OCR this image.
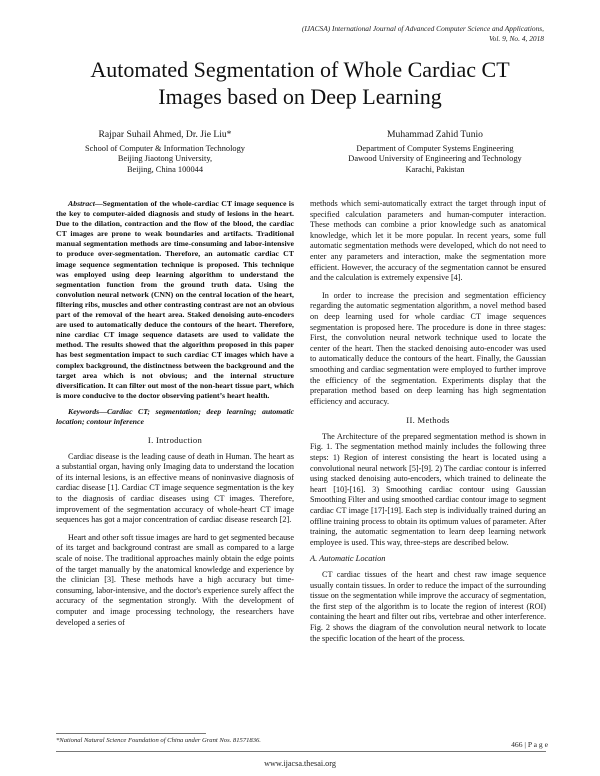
(IJACSA) International Journal of Advanced Computer Science and Applications,
Vol. 9, No. 4, 2018
Automated Segmentation of Whole Cardiac CT
Images based on Deep Learning
Rajpar Suhail Ahmed, Dr. Jie Liu*
School of Computer & Information Technology
Beijing Jiaotong University,
Beijing, China 100044
Muhammad Zahid Tunio
Department of Computer Systems Engineering
Dawood University of Engineering and Technology
Karachi, Pakistan

Abstract—Segmentation of the whole-cardiac CT image sequence is the key to computer-aided diagnosis and study of lesions in the heart. Due to the dilation, contraction and the flow of the blood, the cardiac CT images are prone to weak boundaries and artifacts. Traditional manual segmentation methods are time-consuming and labor-intensive to produce over-segmentation. Therefore, an automatic cardiac CT image sequence segmentation technique is proposed. This technique was employed using deep learning algorithm to understand the segmentation function from the ground truth data. Using the convolution neural network (CNN) on the central location of the heart, filtering ribs, muscles and other contrasting contrast are not an obvious part of the removal of the heart area. Staked denoising auto-encoders are used to automatically deduce the contours of the heart. Therefore, nine cardiac CT image sequence datasets are used to validate the method. The results showed that the algorithm proposed in this paper has best segmentation impact to such cardiac CT images which have a complex background, the distinctness between the background and the target area which is not obvious; and the internal structure diversification. It can filter out most of the non-heart tissue part, which is more conducive to the doctor observing patient’s heart health.

Keywords—Cardiac CT; segmentation; deep learning; automatic location; contour inference

I. Introduction

Cardiac disease is the leading cause of death in Human. The heart as a substantial organ, having only Imaging data to understand the location of its internal lesions, is an effective means of noninvasive diagnosis of cardiac disease [1]. Cardiac CT image sequence segmentation is the key to the diagnosis of cardiac diseases using CT images. Therefore, improvement of the segmentation accuracy of whole-heart CT image sequences has got a major concentration of cardiac disease research [2].

Heart and other soft tissue images are hard to get segmented because of its target and background contrast are small as compared to a large scale of noise. The traditional approaches mainly obtain the edge points of the target manually by the anatomical knowledge and experience by the clinician [3]. These methods have a high accuracy but time-consuming, labor-intensive, and the doctor's experience surely affect the accuracy of the segmentation strongly. With the development of computer and image processing technology, the researchers have developed a series of

methods which semi-automatically extract the target through input of specified calculation parameters and human-computer interaction. These methods can combine a prior knowledge such as anatomical knowledge, which let it be more popular. In recent years, some full automatic segmentation methods were developed, which do not need to enter any parameters and interaction, make the segmentation more efficient. However, the accuracy of the segmentation cannot be ensured and the calculation is extremely expensive [4].

In order to increase the precision and segmentation efficiency regarding the automatic segmentation algorithm, a novel method based on deep learning used for whole cardiac CT image sequences segmentation is proposed here. The procedure is done in three stages: First, the convolution neural network technique used to locate the center of the heart. Then the stacked denoising auto-encoder was used to automatically deduce the contours of the heart. Finally, the Gaussian smoothing and cardiac segmentation were employed to further improve the efficiency of the segmentation. Experiments display that the preparation method based on deep learning has high segmentation efficiency and accuracy.

II. Methods

The Architecture of the prepared segmentation method is shown in Fig. 1. The segmentation method mainly includes the following three steps: 1) Region of interest consisting the heart is located using a convolutional neural network [5]-[9]. 2) The cardiac contour is inferred using stacked denoising auto-encoders, which trained to delineate the heart [10]-[16]. 3) Smoothing cardiac contour using Gaussian Smoothing Filter and using smoothed cardiac contour image to segment cardiac CT image [17]-[19]. Each step is individually trained during an offline training process to obtain its optimum values of parameter. After training, the automatic segmentation to learn deep learning network employee is used. This way, three-steps are described below.

A. Automatic Location

CT cardiac tissues of the heart and chest raw image sequence usually contain tissues. In order to reduce the impact of the surrounding tissue on the segmentation while improve the accuracy of segmentation, the first step of the algorithm is to locate the region of interest (ROI) containing the heart and filter out ribs, vertebrae and other interference. Fig. 2 shows the diagram of the convolution neural network to locate the specific location of the heart of the process.

*National Natural Science Foundation of China under Grant Nos. 81571836.	466 | P a g e
www.ijacsa.thesai.org
